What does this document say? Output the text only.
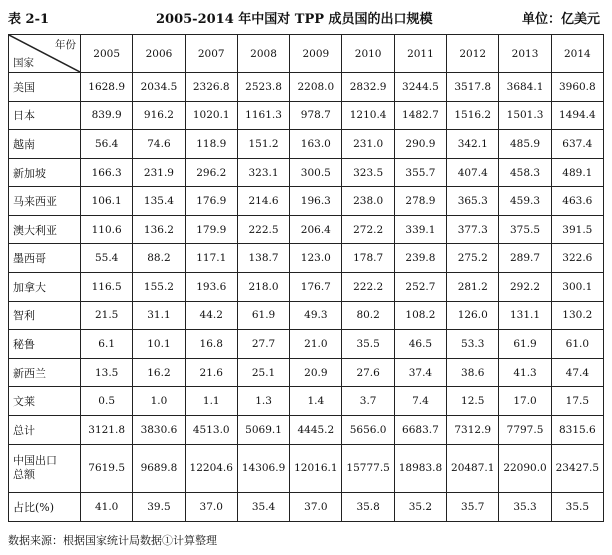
表 2-1	2005-2014 年中国对 TPP 成员国的出口规模	单位：亿美元
年份
国家	2005	2006	2007	2008	2009	2010	2011	2012	2013	2014
美国	1628.9	2034.5	2326.8	2523.8	2208.0	2832.9	3244.5	3517.8	3684.1	3960.8
日本	839.9	916.2	1020.1	1161.3	978.7	1210.4	1482.7	1516.2	1501.3	1494.4
越南	56.4	74.6	118.9	151.2	163.0	231.0	290.9	342.1	485.9	637.4
新加坡	166.3	231.9	296.2	323.1	300.5	323.5	355.7	407.4	458.3	489.1
马来西亚	106.1	135.4	176.9	214.6	196.3	238.0	278.9	365.3	459.3	463.6
澳大利亚	110.6	136.2	179.9	222.5	206.4	272.2	339.1	377.3	375.5	391.5
墨西哥	55.4	88.2	117.1	138.7	123.0	178.7	239.8	275.2	289.7	322.6
加拿大	116.5	155.2	193.6	218.0	176.7	222.2	252.7	281.2	292.2	300.1
智利	21.5	31.1	44.2	61.9	49.3	80.2	108.2	126.0	131.1	130.2
秘鲁	6.1	10.1	16.8	27.7	21.0	35.5	46.5	53.3	61.9	61.0
新西兰	13.5	16.2	21.6	25.1	20.9	27.6	37.4	38.6	41.3	47.4
文莱	0.5	1.0	1.1	1.3	1.4	3.7	7.4	12.5	17.0	17.5
总计	3121.8	3830.6	4513.0	5069.1	4445.2	5656.0	6683.7	7312.9	7797.5	8315.6

中国出口
总额	7619.5	9689.8	12204.6	14306.9	12016.1	15777.5	18983.8	20487.1	22090.0	23427.5
占比(%)	41.0	39.5	37.0	35.4	37.0	35.8	35.2	35.7	35.3	35.5
数据来源：根据国家统计局数据①计算整理
